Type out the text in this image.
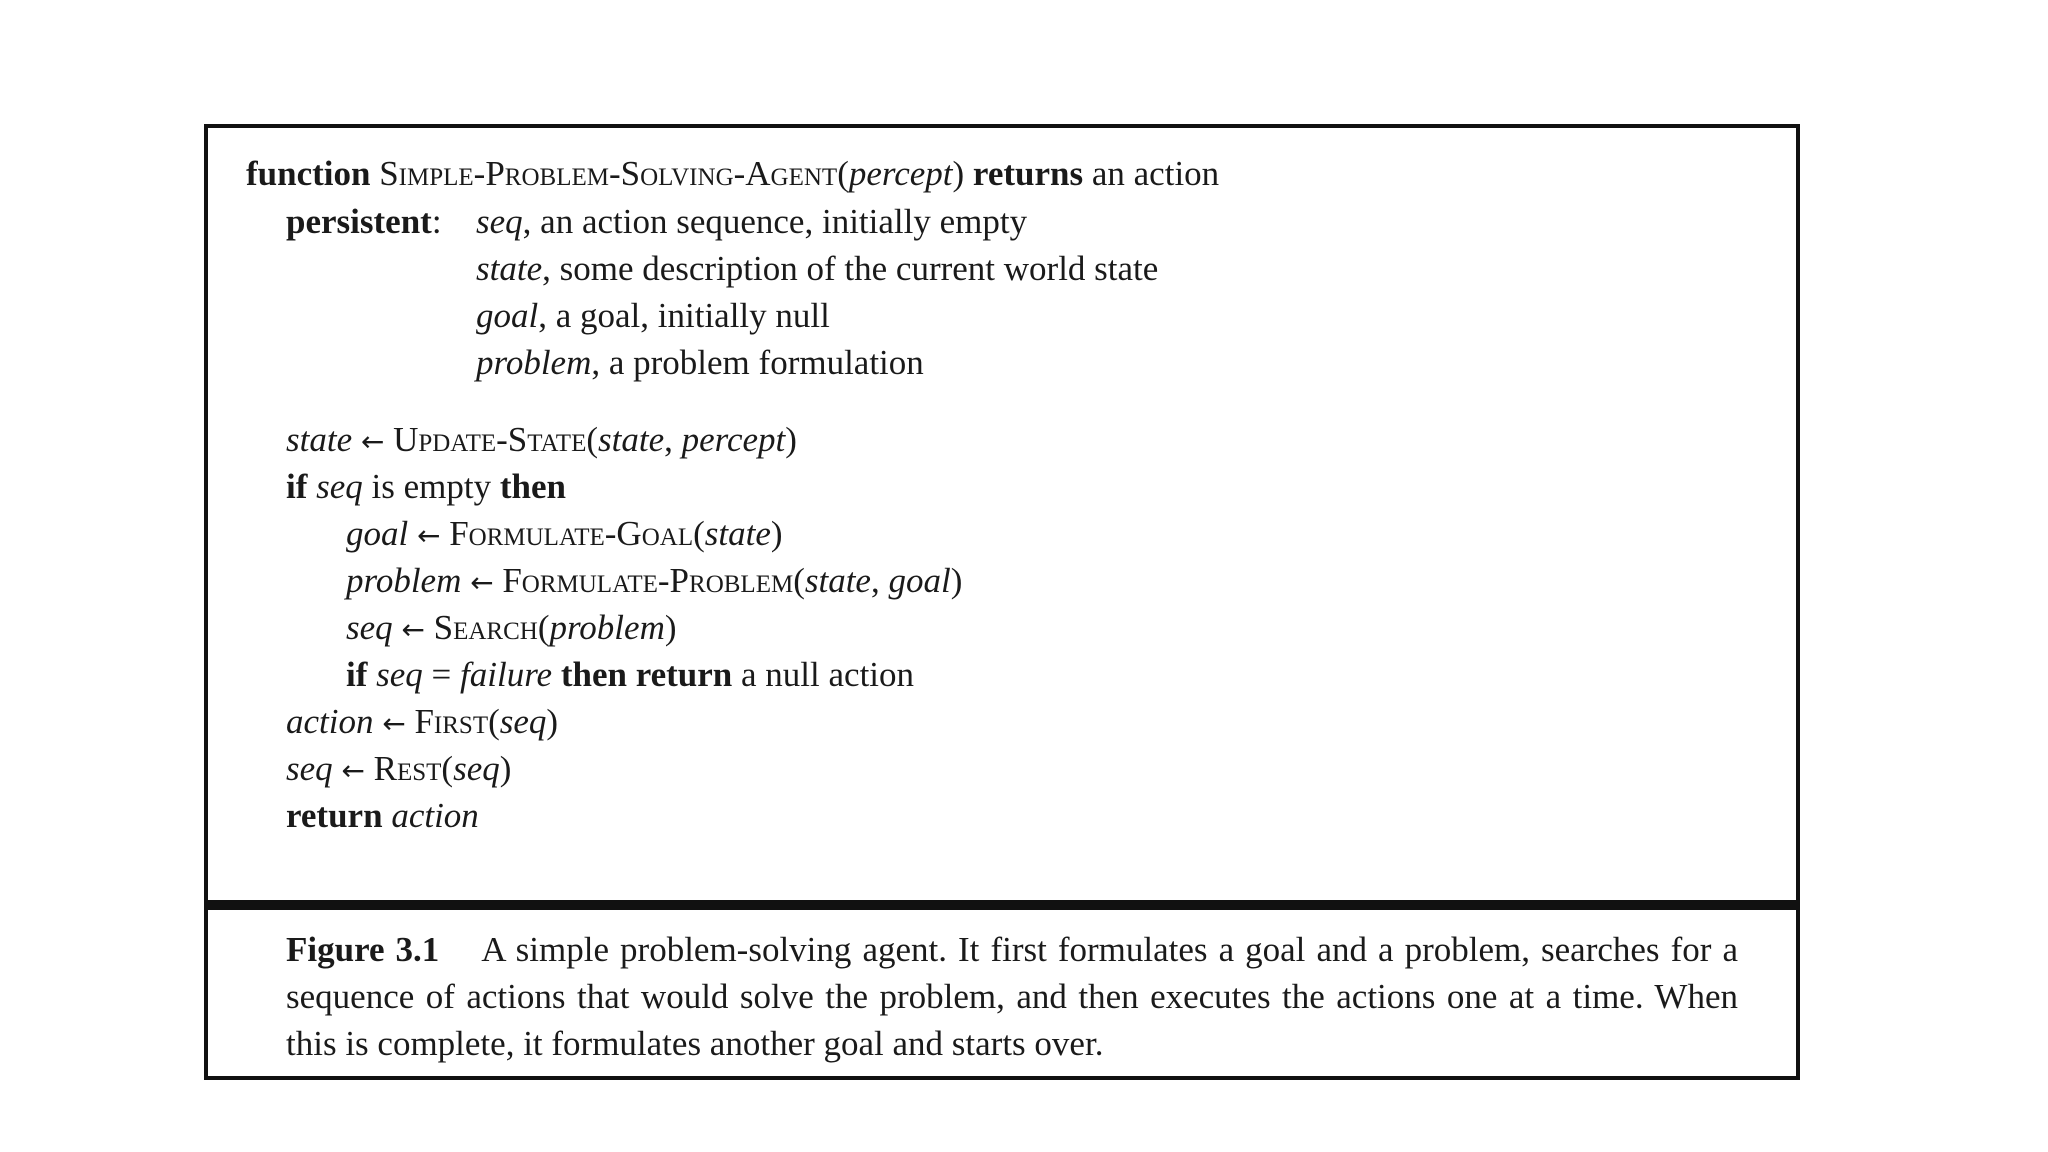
function Simple-Problem-Solving-Agent(percept) returns an action
persistent: seq, an action sequence, initially empty
state, some description of the current world state
goal, a goal, initially null
problem, a problem formulation
state ← Update-State(state, percept)
if seq is empty then
goal ← Formulate-Goal(state)
problem ← Formulate-Problem(state, goal)
seq ← Search(problem)
if seq = failure then return a null action
action ← First(seq)
seq ← Rest(seq)
return action
Figure 3.1 A simple problem-solving agent. It first formulates a goal and a problem, searches for a sequence of actions that would solve the problem, and then executes the actions one at a time. When this is complete, it formulates another goal and starts over.
